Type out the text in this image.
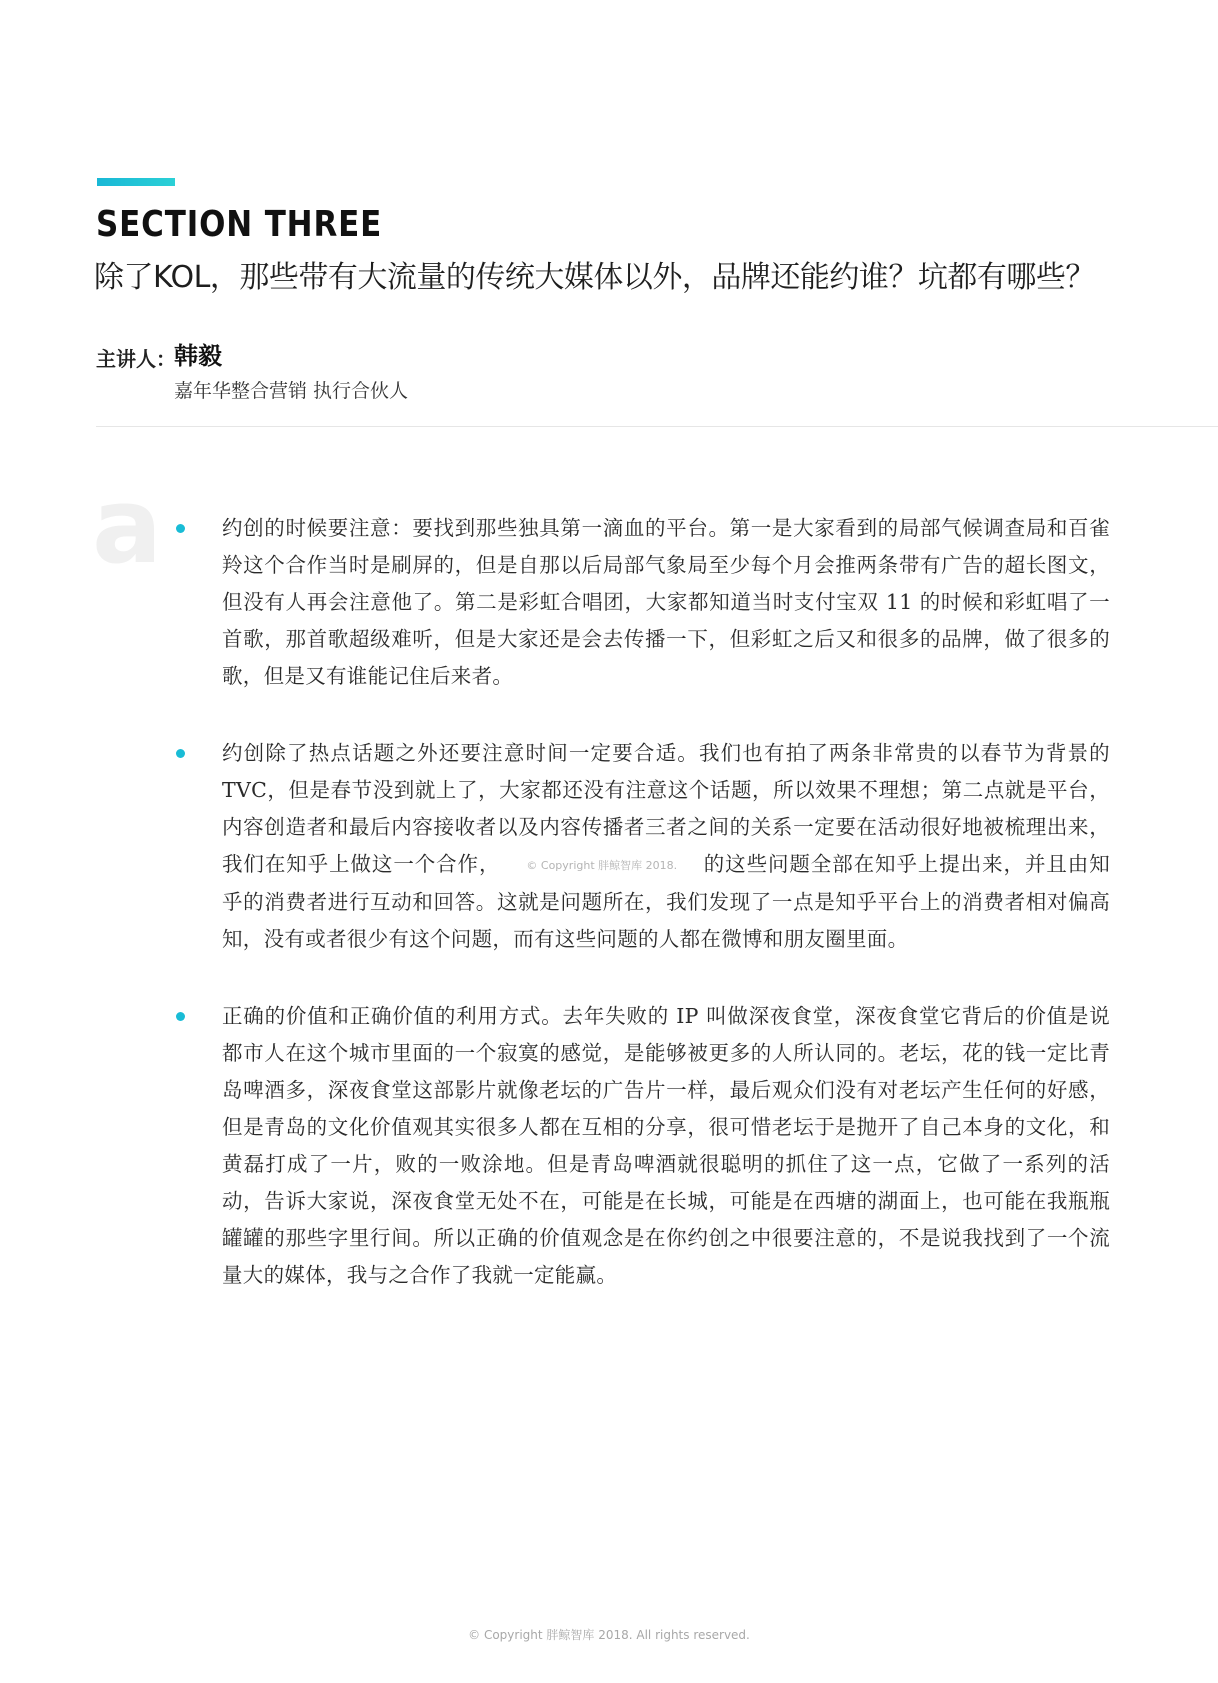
SECTION THREE
除了KOL，那些带有大流量的传统大媒体以外，品牌还能约谁？坑都有哪些？
主讲人：
韩毅
嘉年华整合营销 执行合伙人
a	约创的时候要注意：要找到那些独具第一滴血的平台。第一是大家看到的局部气候调查局和百雀羚这个合作当时是刷屏的，但是自那以后局部气象局至少每个月会推两条带有广告的超长图文，但没有人再会注意他了。第二是彩虹合唱团，大家都知道当时支付宝双 11 的时候和彩虹唱了一首歌，那首歌超级难听，但是大家还是会去传播一下，但彩虹之后又和很多的品牌，做了很多的歌，但是又有谁能记住后来者。
约创除了热点话题之外还要注意时间一定要合适。我们也有拍了两条非常贵的以春节为背景的 TVC，但是春节没到就上了，大家都还没有注意这个话题，所以效果不理想；第二点就是平台，内容创造者和最后内容接收者以及内容传播者三者之间的关系一定要在活动很好地被梳理出来，我们在知乎上做这一个合作， © Copyright 胖鲸智库 2018. 的这些问题全部在知乎上提出来，并且由知乎的消费者进行互动和回答。这就是问题所在，我们发现了一点是知乎平台上的消费者相对偏高知，没有或者很少有这个问题，而有这些问题的人都在微博和朋友圈里面。
正确的价值和正确价值的利用方式。去年失败的 IP 叫做深夜食堂，深夜食堂它背后的价值是说都市人在这个城市里面的一个寂寞的感觉，是能够被更多的人所认同的。老坛，花的钱一定比青岛啤酒多，深夜食堂这部影片就像老坛的广告片一样，最后观众们没有对老坛产生任何的好感，但是青岛的文化价值观其实很多人都在互相的分享，很可惜老坛于是抛开了自己本身的文化，和黄磊打成了一片，败的一败涂地。但是青岛啤酒就很聪明的抓住了这一点，它做了一系列的活动，告诉大家说，深夜食堂无处不在，可能是在长城，可能是在西塘的湖面上，也可能在我瓶瓶罐罐的那些字里行间。所以正确的价值观念是在你约创之中很要注意的，不是说我找到了一个流量大的媒体，我与之合作了我就一定能赢。
© Copyright 胖鲸智库 2018. All rights reserved.
